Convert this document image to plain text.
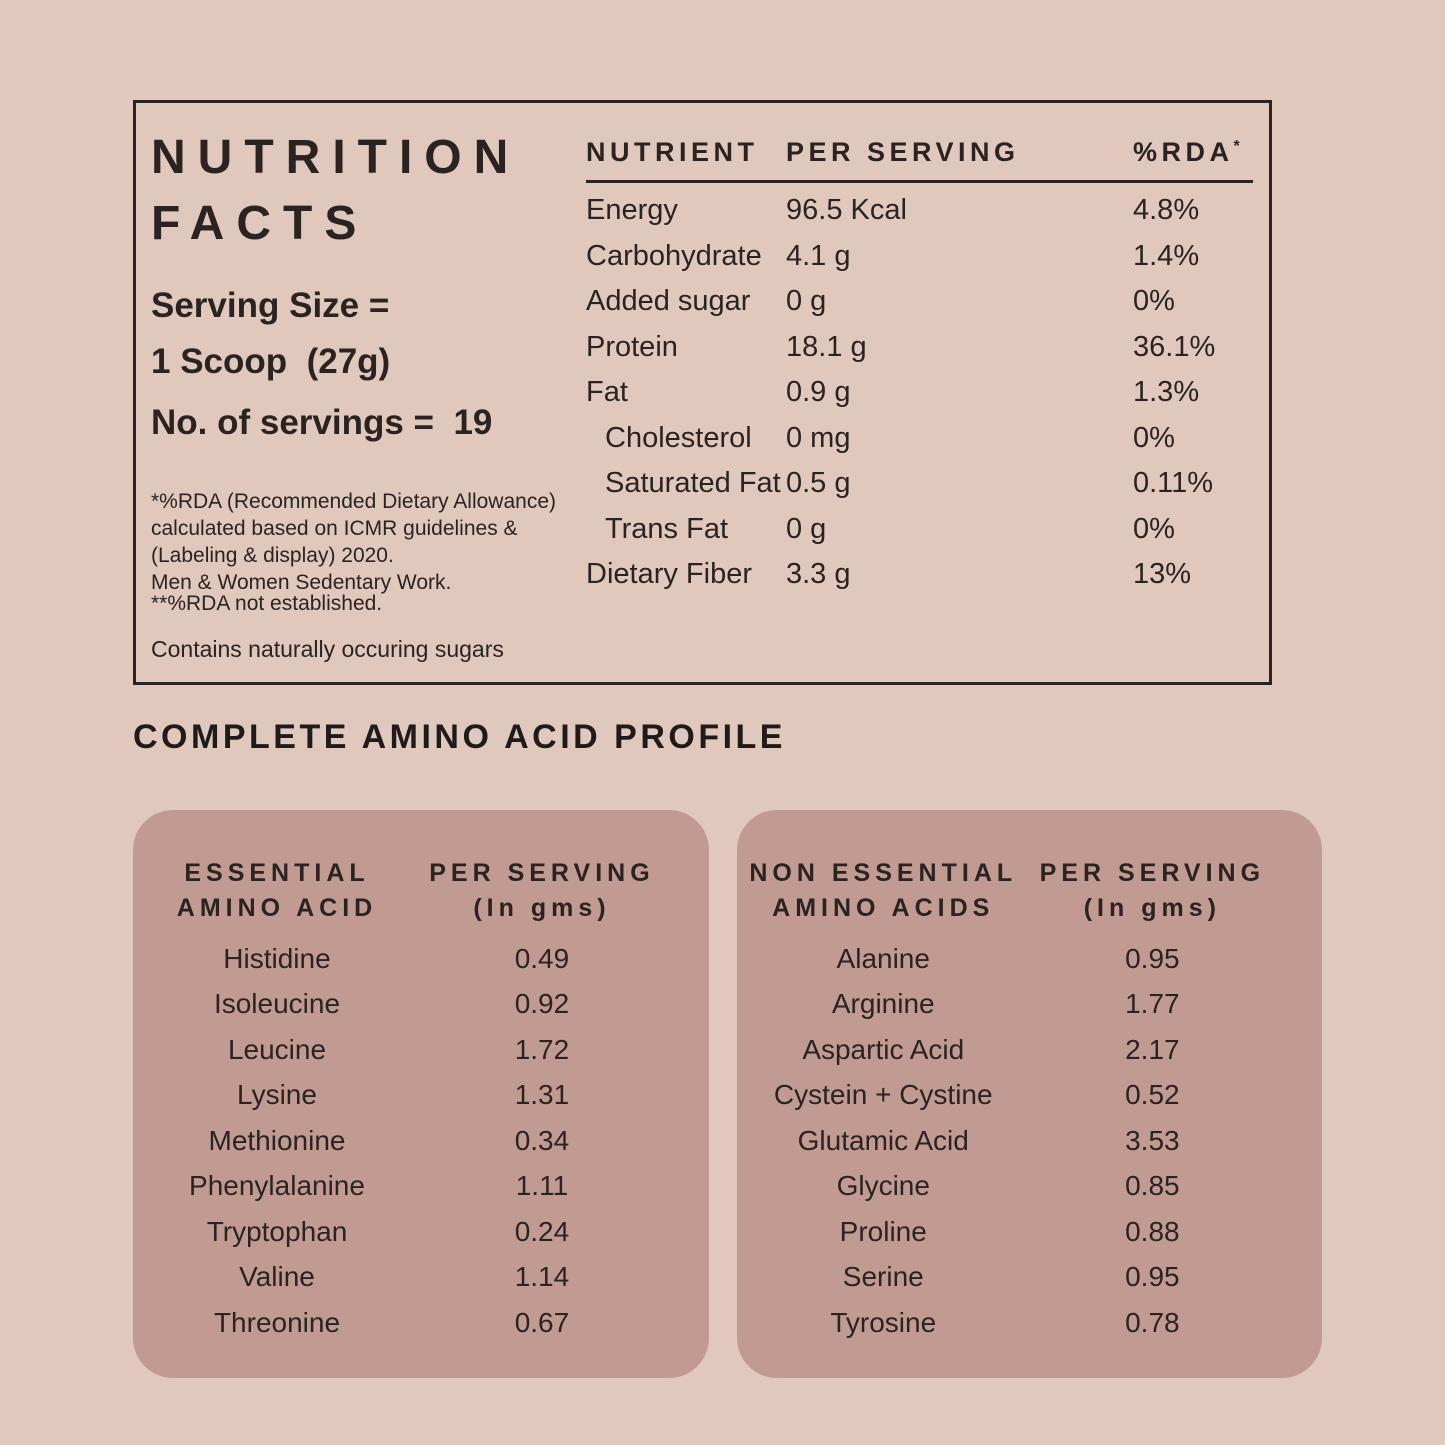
NUTRITION
FACTS
Serving Size =
1 Scoop  (27g)
No. of servings =  19
*%RDA (Recommended Dietary Allowance)
calculated based on ICMR guidelines &
(Labeling & display) 2020.
Men & Women Sedentary Work.
**%RDA not established.
Contains naturally occuring sugars
NUTRIENT	PER SERVING	%RDA*
Energy	96.5 Kcal	4.8%
Carbohydrate 4.1 g	1.4%
Added sugar	0 g	0%
Protein	18.1 g	36.1%
Fat	0.9 g	1.3%
Cholesterol	0 mg	0%
Saturated Fat 0.5 g	0.11%
Trans Fat	0 g	0%
Dietary Fiber	3.3 g	13%
COMPLETE AMINO ACID PROFILE
ESSENTIAL
AMINO ACID
PER SERVING
(In gms)
Histidine	0.49
Isoleucine	0.92
Leucine	1.72
Lysine	1.31
Methionine	0.34
Phenylalanine	1.11
Tryptophan	0.24
Valine	1.14
Threonine	0.67
NON ESSENTIAL
AMINO ACIDS
PER SERVING
(In gms)
Alanine	0.95
Arginine	1.77
Aspartic Acid	2.17
Cystein + Cystine	0.52
Glutamic Acid	3.53
Glycine	0.85
Proline	0.88
Serine	0.95
Tyrosine	0.78
